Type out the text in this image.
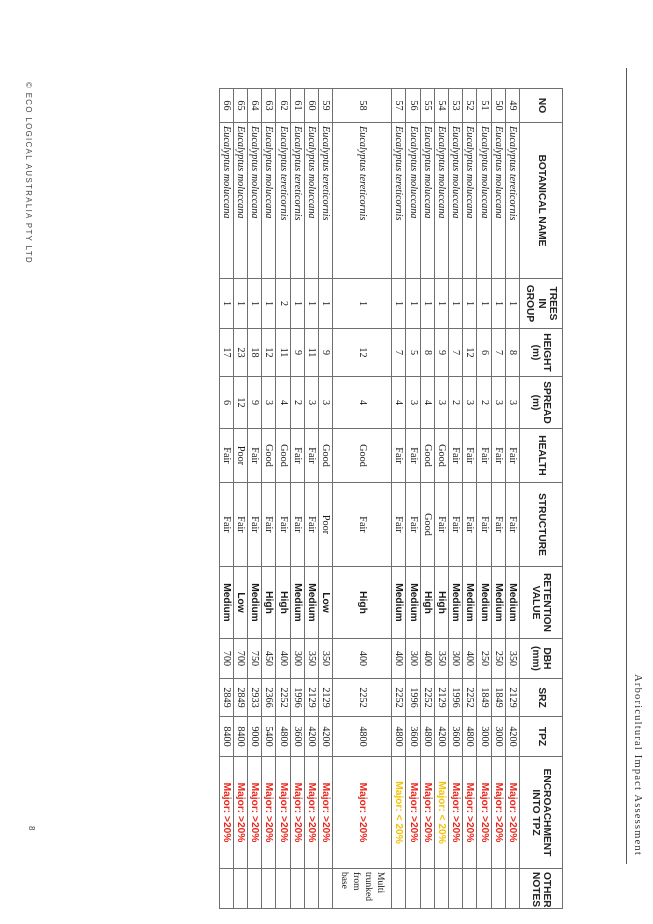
Arboricultural Impact Assessment
NO	BOTANICAL NAME	TREES IN GROUP	HEIGHT (m)	SPREAD (m)	HEALTH	STRUCTURE	RETENTION VALUE	DBH (mm)	SRZ	TPZ	ENCROACHMENT INTO TPZ	OTHER NOTES
49	Eucalyptus tereticornis	1	8	3	Fair	Fair	Medium	350	2129	4200	Major: >20%	
50	Eucalyptus moluccana	1	7	3	Fair	Fair	Medium	250	1849	3000	Major: >20%	
51	Eucalyptus moluccana	1	6	2	Fair	Fair	Medium	250	1849	3000	Major: >20%	
52	Eucalyptus moluccana	1	12	3	Fair	Fair	Medium	400	2252	4800	Major: >20%	
53	Eucalyptus moluccana	1	7	2	Fair	Fair	Medium	300	1996	3600	Major: >20%	
54	Eucalyptus moluccana	1	9	3	Good	Fair	High	350	2129	4200	Major: < 20%	
55	Eucalyptus moluccana	1	8	4	Good	Good	High	400	2252	4800	Major: >20%	
56	Eucalyptus moluccana	1	5	3	Fair	Fair	Medium	300	1996	3600	Major: >20%	
57	Eucalyptus tereticornis	1	7	4	Fair	Fair	Medium	400	2252	4800	Major: < 20%	
58	Eucalyptus tereticornis	1	12	4	Good	Fair	High	400	2252	4800	Major: >20%	Multi trunked from base
59	Eucalyptus tereticornis	1	9	3	Good	Poor	Low	350	2129	4200	Major: >20%	
60	Eucalyptus moluccana	1	11	3	Fair	Fair	Medium	350	2129	4200	Major: >20%	
61	Eucalyptus tereticornis	1	9	2	Fair	Fair	Medium	300	1996	3600	Major: >20%	
62	Eucalyptus tereticornis	2	11	4	Good	Fair	High	400	2252	4800	Major: >20%	
63	Eucalyptus moluccana	1	12	3	Good	Fair	High	450	2366	5400	Major: >20%	
64	Eucalyptus moluccana	1	18	9	Fair	Fair	Medium	750	2933	9000	Major: >20%	
65	Eucalyptus moluccana	1	23	12	Poor	Fair	Low	700	2849	8400	Major: >20%	
66	Eucalyptus moluccana	1	17	6	Fair	Fair	Medium	700	2849	8400	Major: >20%	
© ECO LOGICAL AUSTRALIA PTY LTD
8
